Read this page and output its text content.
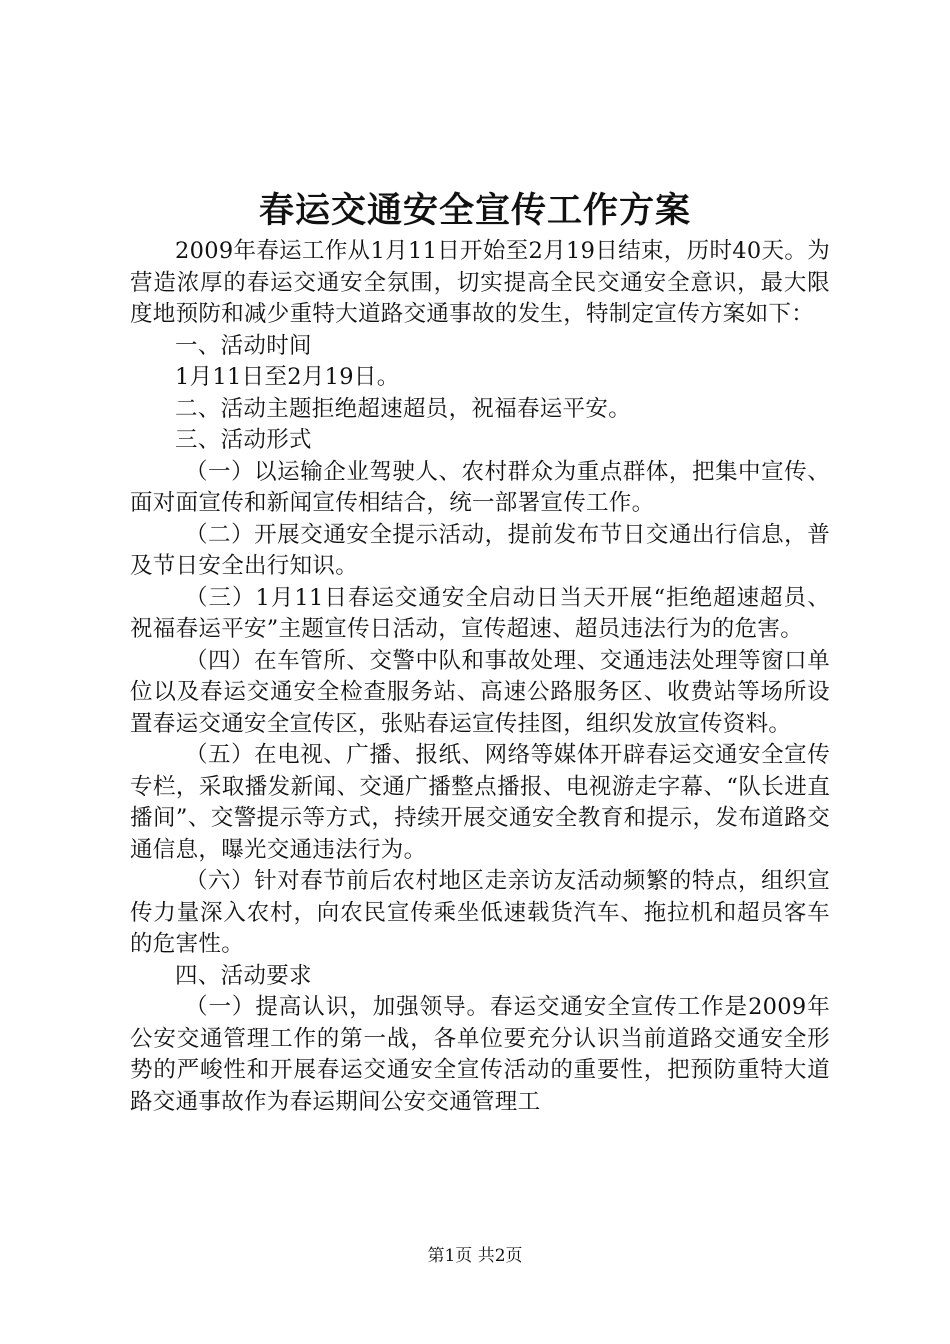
春运交通安全宣传工作方案

2009年春运工作从1月11日开始至2月19日结束，历时40天。为营造浓厚的春运交通安全氛围，切实提高全民交通安全意识，最大限度地预防和减少重特大道路交通事故的发生，特制定宣传方案如下：

一、活动时间

1月11日至2月19日。

二、活动主题拒绝超速超员，祝福春运平安。

三、活动形式

（一）以运输企业驾驶人、农村群众为重点群体，把集中宣传、面对面宣传和新闻宣传相结合，统一部署宣传工作。

（二）开展交通安全提示活动，提前发布节日交通出行信息，普及节日安全出行知识。

（三）1月11日春运交通安全启动日当天开展“拒绝超速超员、祝福春运平安”主题宣传日活动，宣传超速、超员违法行为的危害。

（四）在车管所、交警中队和事故处理、交通违法处理等窗口单位以及春运交通安全检查服务站、高速公路服务区、收费站等场所设置春运交通安全宣传区，张贴春运宣传挂图，组织发放宣传资料。

（五）在电视、广播、报纸、网络等媒体开辟春运交通安全宣传专栏，采取播发新闻、交通广播整点播报、电视游走字幕、“队长进直播间”、交警提示等方式，持续开展交通安全教育和提示，发布道路交通信息，曝光交通违法行为。

（六）针对春节前后农村地区走亲访友活动频繁的特点，组织宣传力量深入农村，向农民宣传乘坐低速载货汽车、拖拉机和超员客车的危害性。

四、活动要求

（一）提高认识，加强领导。春运交通安全宣传工作是2009年公安交通管理工作的第一战，各单位要充分认识当前道路交通安全形势的严峻性和开展春运交通安全宣传活动的重要性，把预防重特大道路交通事故作为春运期间公安交通管理工

第1页 共2页
